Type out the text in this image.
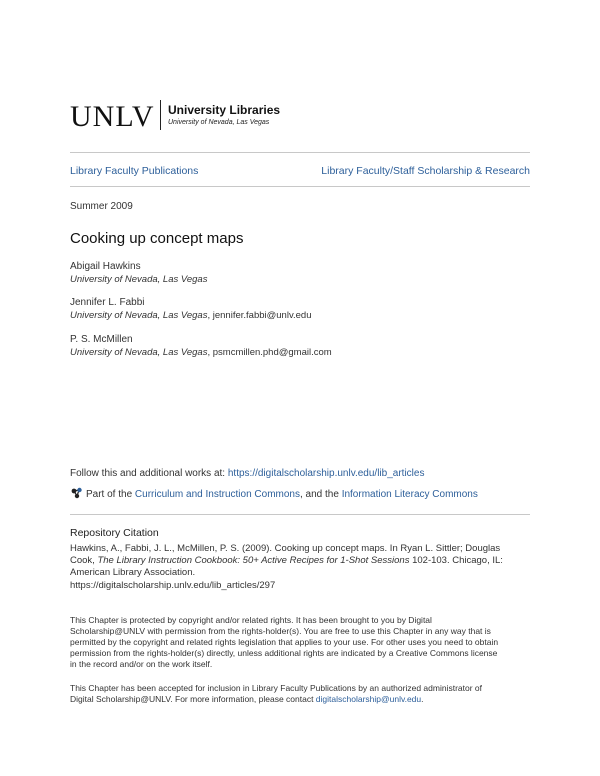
UNLV University Libraries
University of Nevada, Las Vegas
Library Faculty Publications	Library Faculty/Staff Scholarship & Research
Summer 2009
Cooking up concept maps
Abigail Hawkins
University of Nevada, Las Vegas
Jennifer L. Fabbi
University of Nevada, Las Vegas, jennifer.fabbi@unlv.edu
P. S. McMillen
University of Nevada, Las Vegas, psmcmillen.phd@gmail.com
Follow this and additional works at: https://digitalscholarship.unlv.edu/lib_articles
Part of the Curriculum and Instruction Commons, and the Information Literacy Commons
Repository Citation
Hawkins, A., Fabbi, J. L., McMillen, P. S. (2009). Cooking up concept maps. In Ryan L. Sittler; Douglas
Cook, The Library Instruction Cookbook: 50+ Active Recipes for 1-Shot Sessions 102-103. Chicago, IL:
American Library Association.
https://digitalscholarship.unlv.edu/lib_articles/297
This Chapter is protected by copyright and/or related rights. It has been brought to you by Digital
Scholarship@UNLV with permission from the rights-holder(s). You are free to use this Chapter in any way that is
permitted by the copyright and related rights legislation that applies to your use. For other uses you need to obtain
permission from the rights-holder(s) directly, unless additional rights are indicated by a Creative Commons license
in the record and/or on the work itself.
This Chapter has been accepted for inclusion in Library Faculty Publications by an authorized administrator of
Digital Scholarship@UNLV. For more information, please contact digitalscholarship@unlv.edu.
